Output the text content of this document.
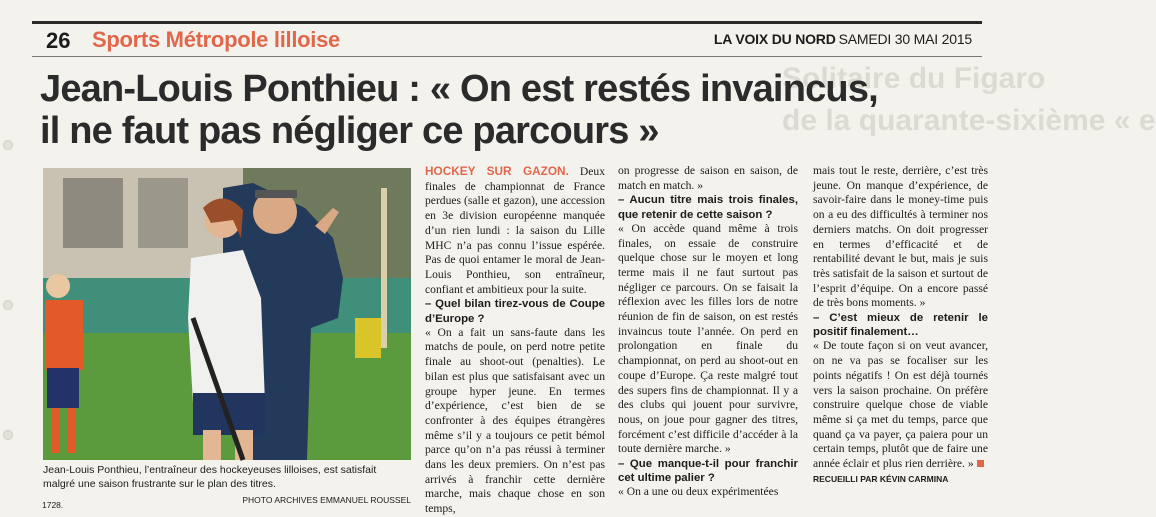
26 Sports Métropole lilloise	LA VOIX DU NORD SAMEDI 30 MAI 2015
Solitaire du Figaro
de la quarante-sixième « e
Jean-Louis Ponthieu : « On est restés invaincus,
il ne faut pas négliger ce parcours »
Jean-Louis Ponthieu, l’entraîneur des hockeyeuses lilloises, est satisfait malgré une saison frustrante sur le plan des titres.
PHOTO ARCHIVES EMMANUEL ROUSSEL

HOCKEY SUR GAZON. Deux finales de championnat de France perdues (salle et gazon), une accession en 3e division européenne manquée d’un rien lundi : la saison du Lille MHC n’a pas connu l’issue espérée. Pas de quoi entamer le moral de Jean-Louis Ponthieu, son entraîneur, confiant et ambitieux pour la suite.

– Quel bilan tirez-vous de Coupe d’Europe ?

« On a fait un sans-faute dans les matchs de poule, on perd notre petite finale au shoot-out (penalties). Le bilan est plus que satisfaisant avec un groupe hyper jeune. En termes d’expérience, c’est bien de se confronter à des équipes étrangères même s’il y a toujours ce petit bémol parce qu’on n’a pas réussi à terminer dans les deux premiers. On n’est pas arrivés à franchir cette dernière marche, mais chaque chose en son temps,

on progresse de saison en saison, de match en match. »

– Aucun titre mais trois finales, que retenir de cette saison ?

« On accède quand même à trois finales, on essaie de construire quelque chose sur le moyen et long terme mais il ne faut surtout pas négliger ce parcours. On se faisait la réflexion avec les filles lors de notre réunion de fin de saison, on est restés invaincus toute l’année. On perd en prolongation en finale du championnat, on perd au shoot-out en coupe d’Europe. Ça reste malgré tout des supers fins de championnat. Il y a des clubs qui jouent pour survivre, nous, on joue pour gagner des titres, forcément c’est difficile d’accéder à la toute dernière marche. »

– Que manque-t-il pour franchir cet ultime palier ?

« On a une ou deux expérimentées

mais tout le reste, derrière, c’est très jeune. On manque d’expérience, de savoir-faire dans le money-time puis on a eu des difficultés à terminer nos derniers matchs. On doit progresser en termes d’efficacité et de rentabilité devant le but, mais je suis très satisfait de la saison et surtout de l’esprit d’équipe. On a encore passé de très bons moments. »

– C’est mieux de retenir le positif finalement…

« De toute façon si on veut avancer, on ne va pas se focaliser sur les points négatifs ! On est déjà tournés vers la saison prochaine. On préfère construire quelque chose de viable même si ça met du temps, parce que quand ça va payer, ça paiera pour un certain temps, plutôt que de faire une année éclair et plus rien derrière. »

RECUEILLI PAR KÉVIN CARMINA

1728.
